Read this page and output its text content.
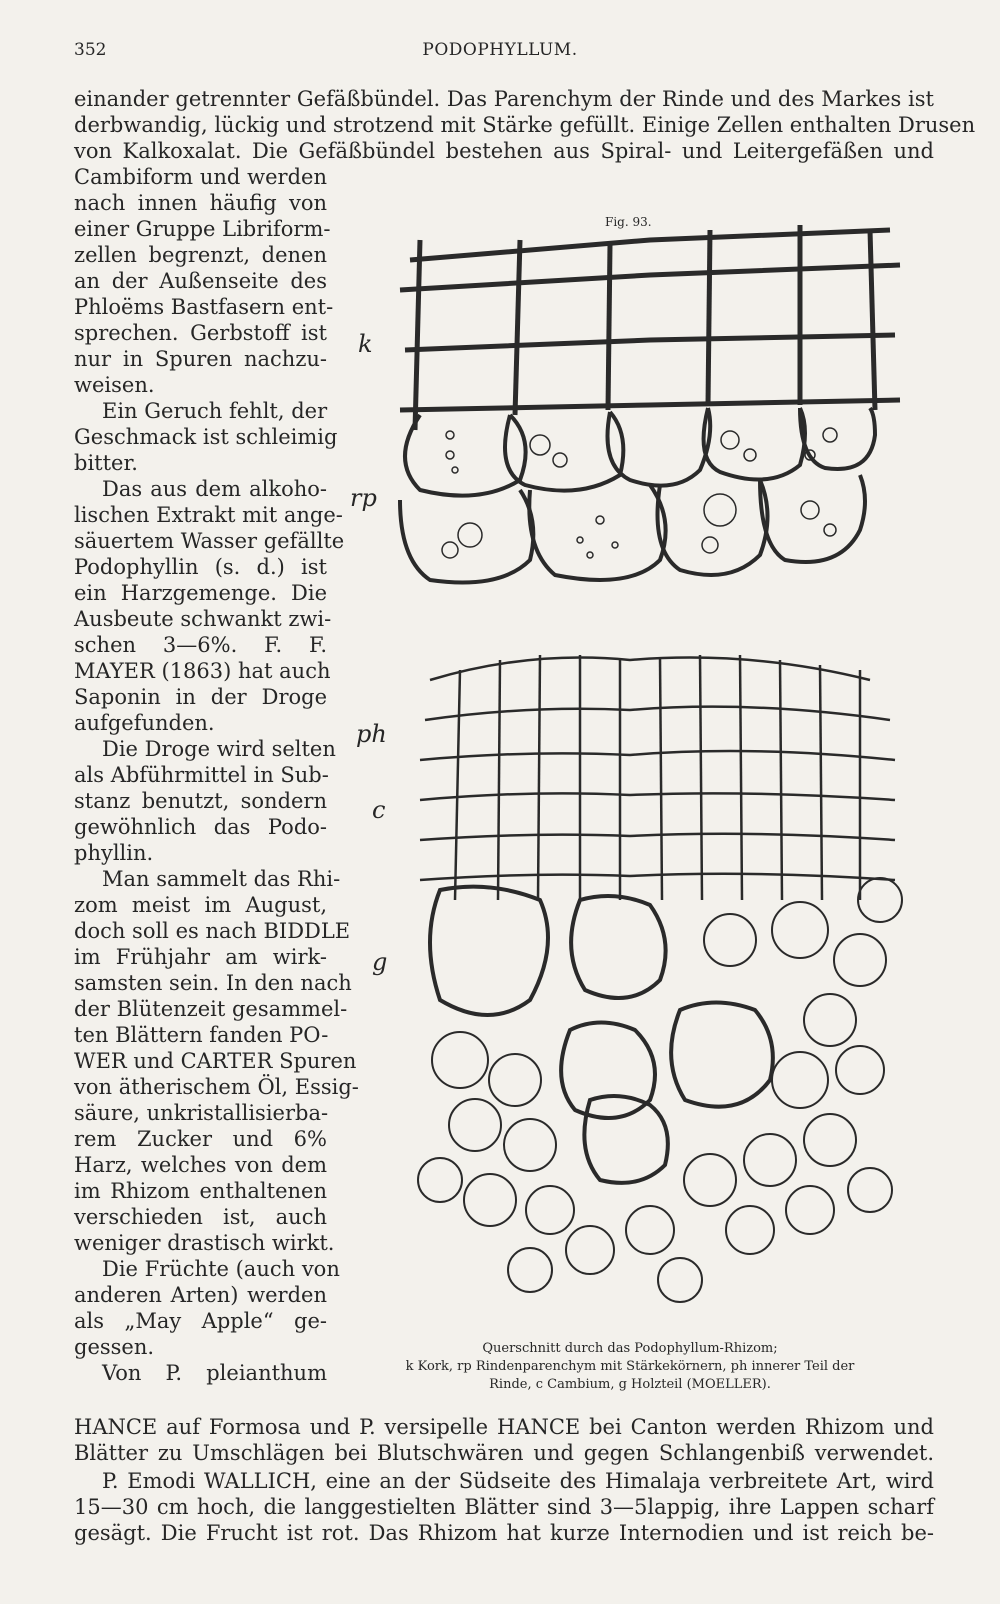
352	PODOPHYLLUM.
einander getrennter Gefäßbündel. Das Parenchym der Rinde und des Markes ist
derbwandig, lückig und strotzend mit Stärke gefüllt. Einige Zellen enthalten Drusen
von Kalkoxalat. Die Gefäßbündel bestehen aus Spiral- und Leitergefäßen und
Cambiform und werden
nach innen häufig von
einer Gruppe Libriform-
zellen begrenzt, denen
an der Außenseite des
Phloëms Bastfasern ent-
sprechen. Gerbstoff ist
nur in Spuren nachzu-
weisen.
Ein Geruch fehlt, der
Geschmack ist schleimig
bitter.
Das aus dem alkoho-
lischen Extrakt mit ange-
säuertem Wasser gefällte
Podophyllin (s. d.) ist
ein Harzgemenge. Die
Ausbeute schwankt zwi-
schen 3—6%. F. F.
MAYER (1863) hat auch
Saponin in der Droge
aufgefunden.
Die Droge wird selten
als Abführmittel in Sub-
stanz benutzt, sondern
gewöhnlich das Podo-
phyllin.
Man sammelt das Rhi-
zom meist im August,
doch soll es nach BIDDLE
im Frühjahr am wirk-
samsten sein. In den nach
der Blütenzeit gesammel-
ten Blättern fanden PO-
WER und CARTER Spuren
von ätherischem Öl, Essig-
säure, unkristallisierba-
rem Zucker und 6%
Harz, welches von dem
im Rhizom enthaltenen
verschieden ist, auch
weniger drastisch wirkt.
Die Früchte (auch von
anderen Arten) werden
als „May Apple“ ge-
gessen.
Von P. pleianthum
HANCE auf Formosa und P. versipelle HANCE bei Canton werden Rhizom und
Blätter zu Umschlägen bei Blutschwären und gegen Schlangenbiß verwendet.
P. Emodi WALLICH, eine an der Südseite des Himalaja verbreitete Art, wird
15—30 cm hoch, die langgestielten Blätter sind 3—5lappig, ihre Lappen scharf
gesägt. Die Frucht ist rot. Das Rhizom hat kurze Internodien und ist reich be-
Fig. 93.
k
rp
ph
c
g
Querschnitt durch das Podophyllum-Rhizom;
k Kork, rp Rindenparenchym mit Stärkekörnern, ph innerer Teil der
Rinde, c Cambium, g Holzteil (MOELLER).
